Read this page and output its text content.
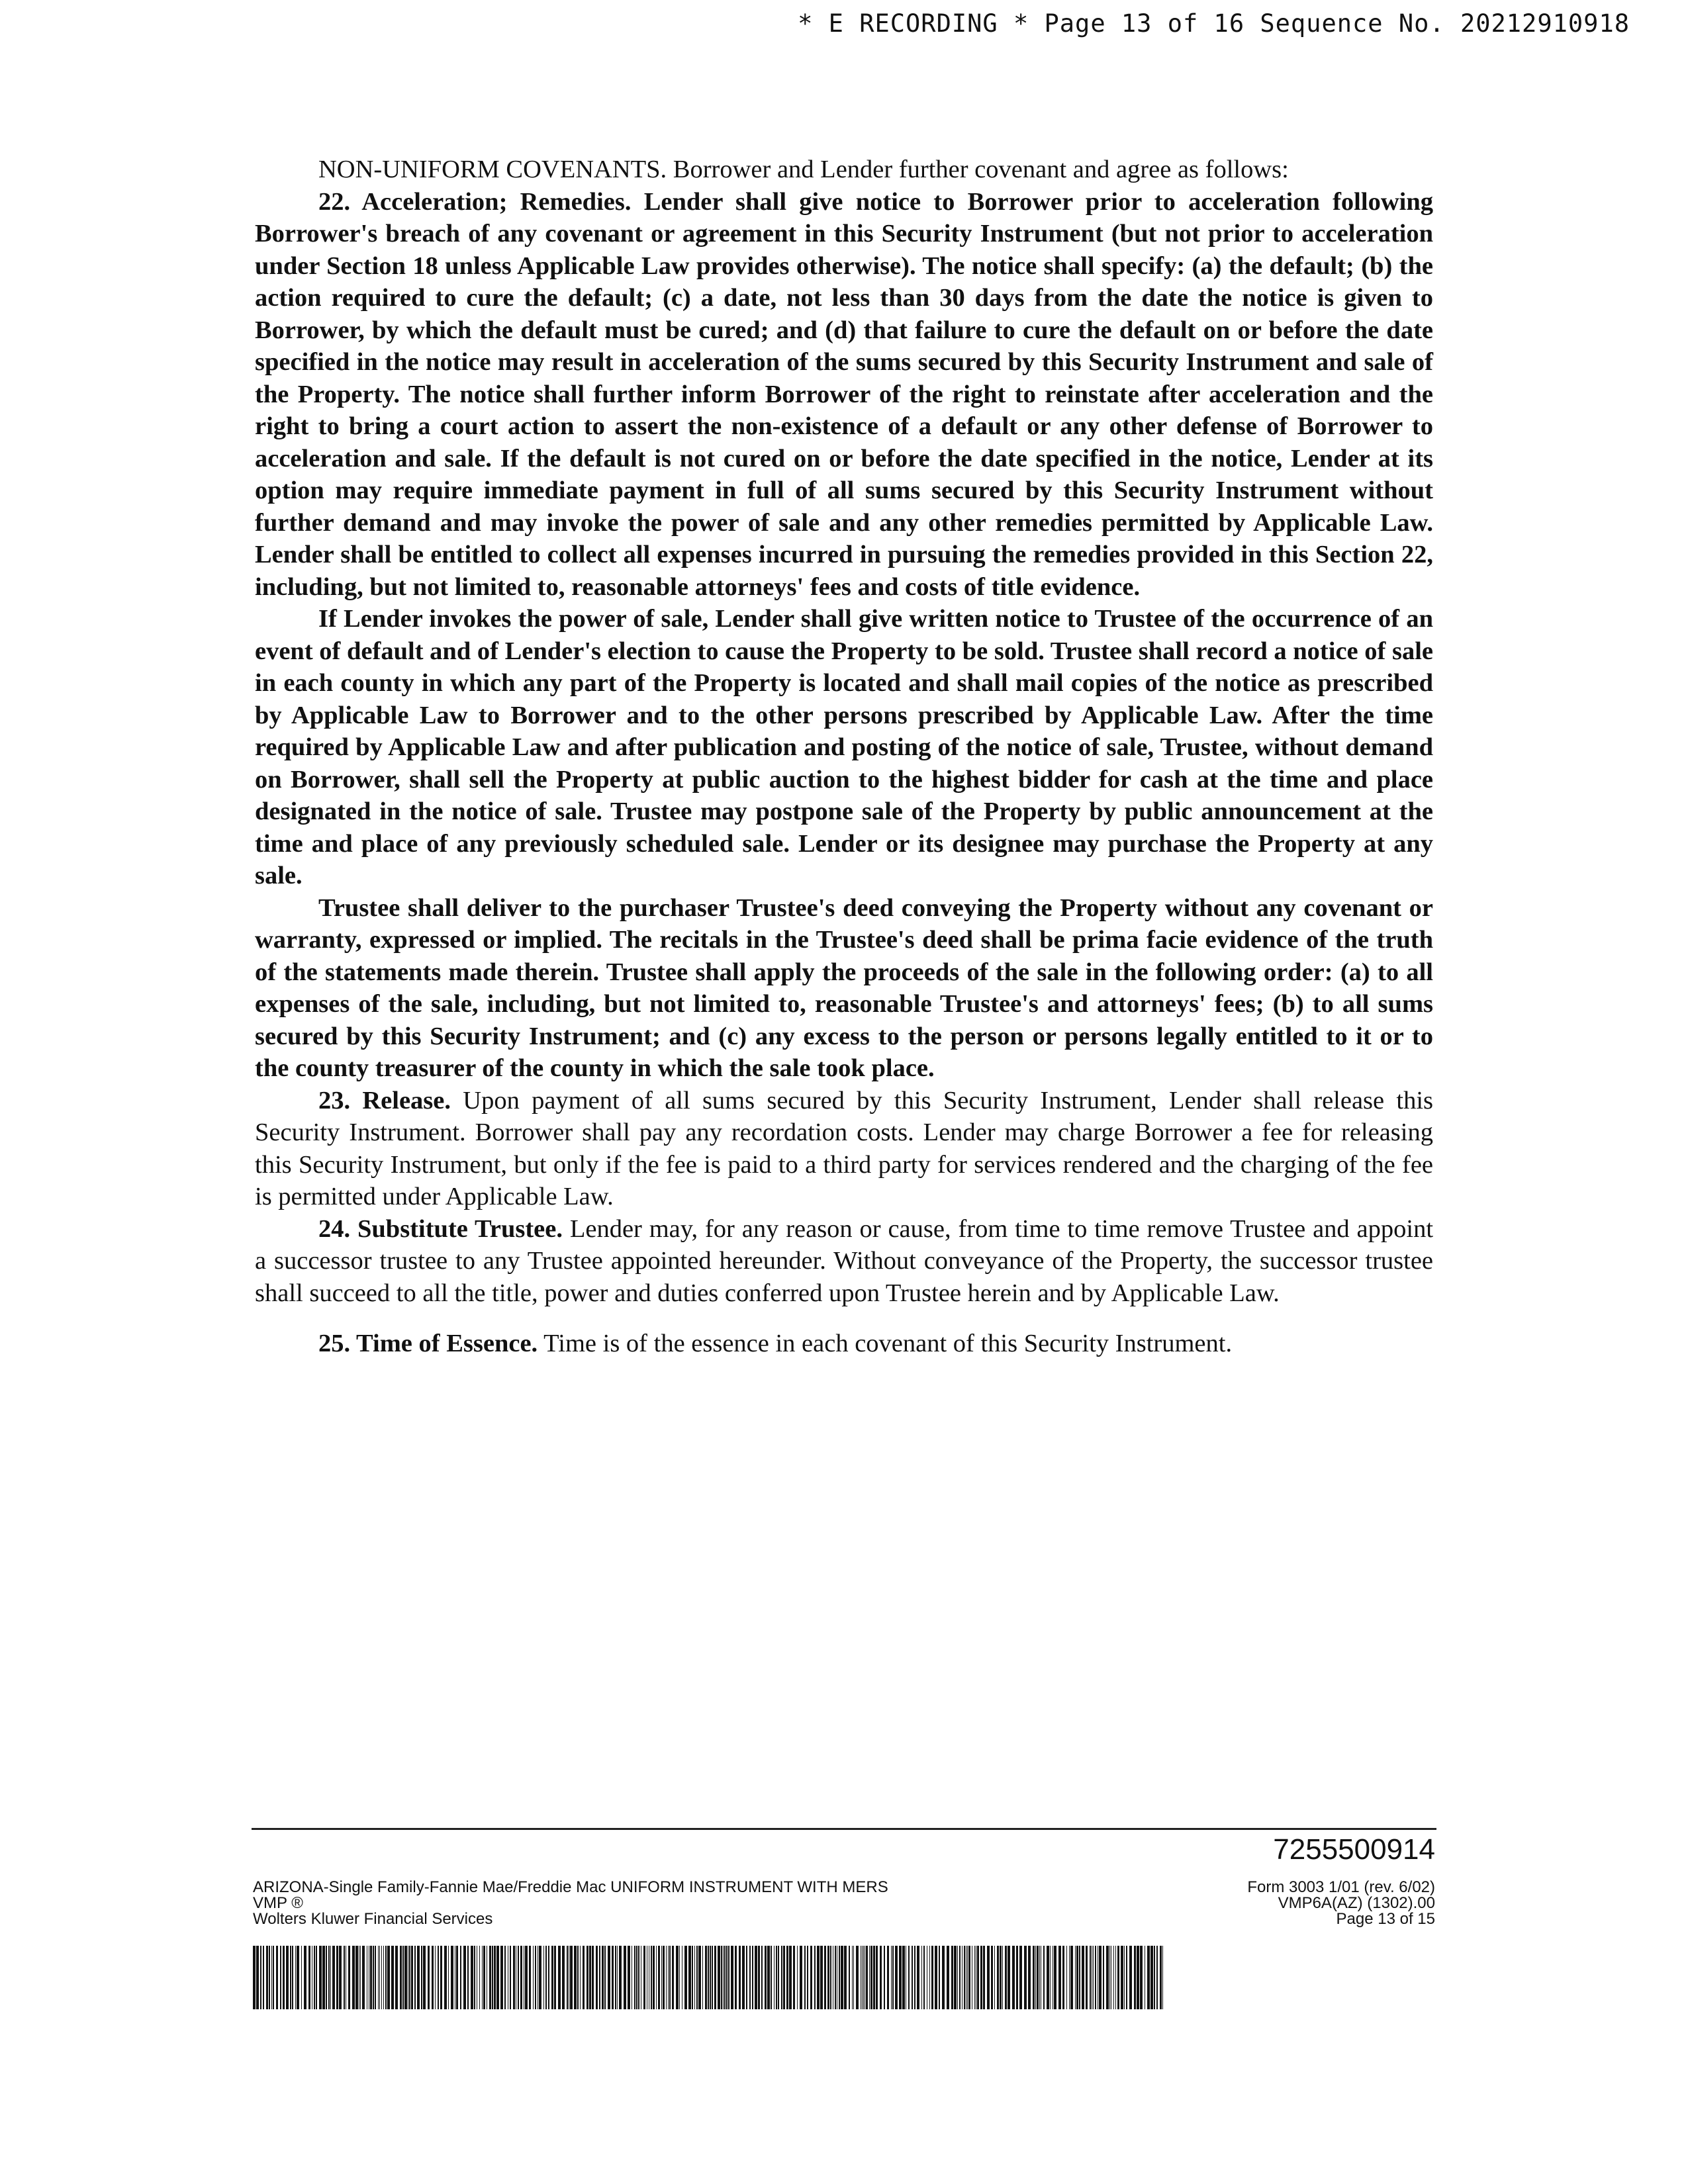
* E RECORDING * Page 13 of 16 Sequence No. 20212910918

NON-UNIFORM COVENANTS. Borrower and Lender further covenant and agree as follows:

22. Acceleration; Remedies. Lender shall give notice to Borrower prior to acceleration following Borrower's breach of any covenant or agreement in this Security Instrument (but not prior to acceleration under Section 18 unless Applicable Law provides otherwise). The notice shall specify: (a) the default; (b) the action required to cure the default; (c) a date, not less than 30 days from the date the notice is given to Borrower, by which the default must be cured; and (d) that failure to cure the default on or before the date specified in the notice may result in acceleration of the sums secured by this Security Instrument and sale of the Property. The notice shall further inform Borrower of the right to reinstate after acceleration and the right to bring a court action to assert the non-existence of a default or any other defense of Borrower to acceleration and sale. If the default is not cured on or before the date specified in the notice, Lender at its option may require immediate payment in full of all sums secured by this Security Instrument without further demand and may invoke the power of sale and any other remedies permitted by Applicable Law. Lender shall be entitled to collect all expenses incurred in pursuing the remedies provided in this Section 22, including, but not limited to, reasonable attorneys' fees and costs of title evidence.

If Lender invokes the power of sale, Lender shall give written notice to Trustee of the occurrence of an event of default and of Lender's election to cause the Property to be sold. Trustee shall record a notice of sale in each county in which any part of the Property is located and shall mail copies of the notice as prescribed by Applicable Law to Borrower and to the other persons prescribed by Applicable Law. After the time required by Applicable Law and after publication and posting of the notice of sale, Trustee, without demand on Borrower, shall sell the Property at public auction to the highest bidder for cash at the time and place designated in the notice of sale. Trustee may postpone sale of the Property by public announcement at the time and place of any previously scheduled sale. Lender or its designee may purchase the Property at any sale.

Trustee shall deliver to the purchaser Trustee's deed conveying the Property without any covenant or warranty, expressed or implied. The recitals in the Trustee's deed shall be prima facie evidence of the truth of the statements made therein. Trustee shall apply the proceeds of the sale in the following order: (a) to all expenses of the sale, including, but not limited to, reasonable Trustee's and attorneys' fees; (b) to all sums secured by this Security Instrument; and (c) any excess to the person or persons legally entitled to it or to the county treasurer of the county in which the sale took place.

23. Release. Upon payment of all sums secured by this Security Instrument, Lender shall release this Security Instrument. Borrower shall pay any recordation costs. Lender may charge Borrower a fee for releasing this Security Instrument, but only if the fee is paid to a third party for services rendered and the charging of the fee is permitted under Applicable Law.

24. Substitute Trustee. Lender may, for any reason or cause, from time to time remove Trustee and appoint a successor trustee to any Trustee appointed hereunder. Without conveyance of the Property, the successor trustee shall succeed to all the title, power and duties conferred upon Trustee herein and by Applicable Law.

25. Time of Essence. Time is of the essence in each covenant of this Security Instrument.

7255500914
ARIZONA-Single Family-Fannie Mae/Freddie Mac UNIFORM INSTRUMENT WITH MERS
VMP ®
Wolters Kluwer Financial Services
Form 3003 1/01 (rev. 6/02)
VMP6A(AZ) (1302).00
Page 13 of 15
